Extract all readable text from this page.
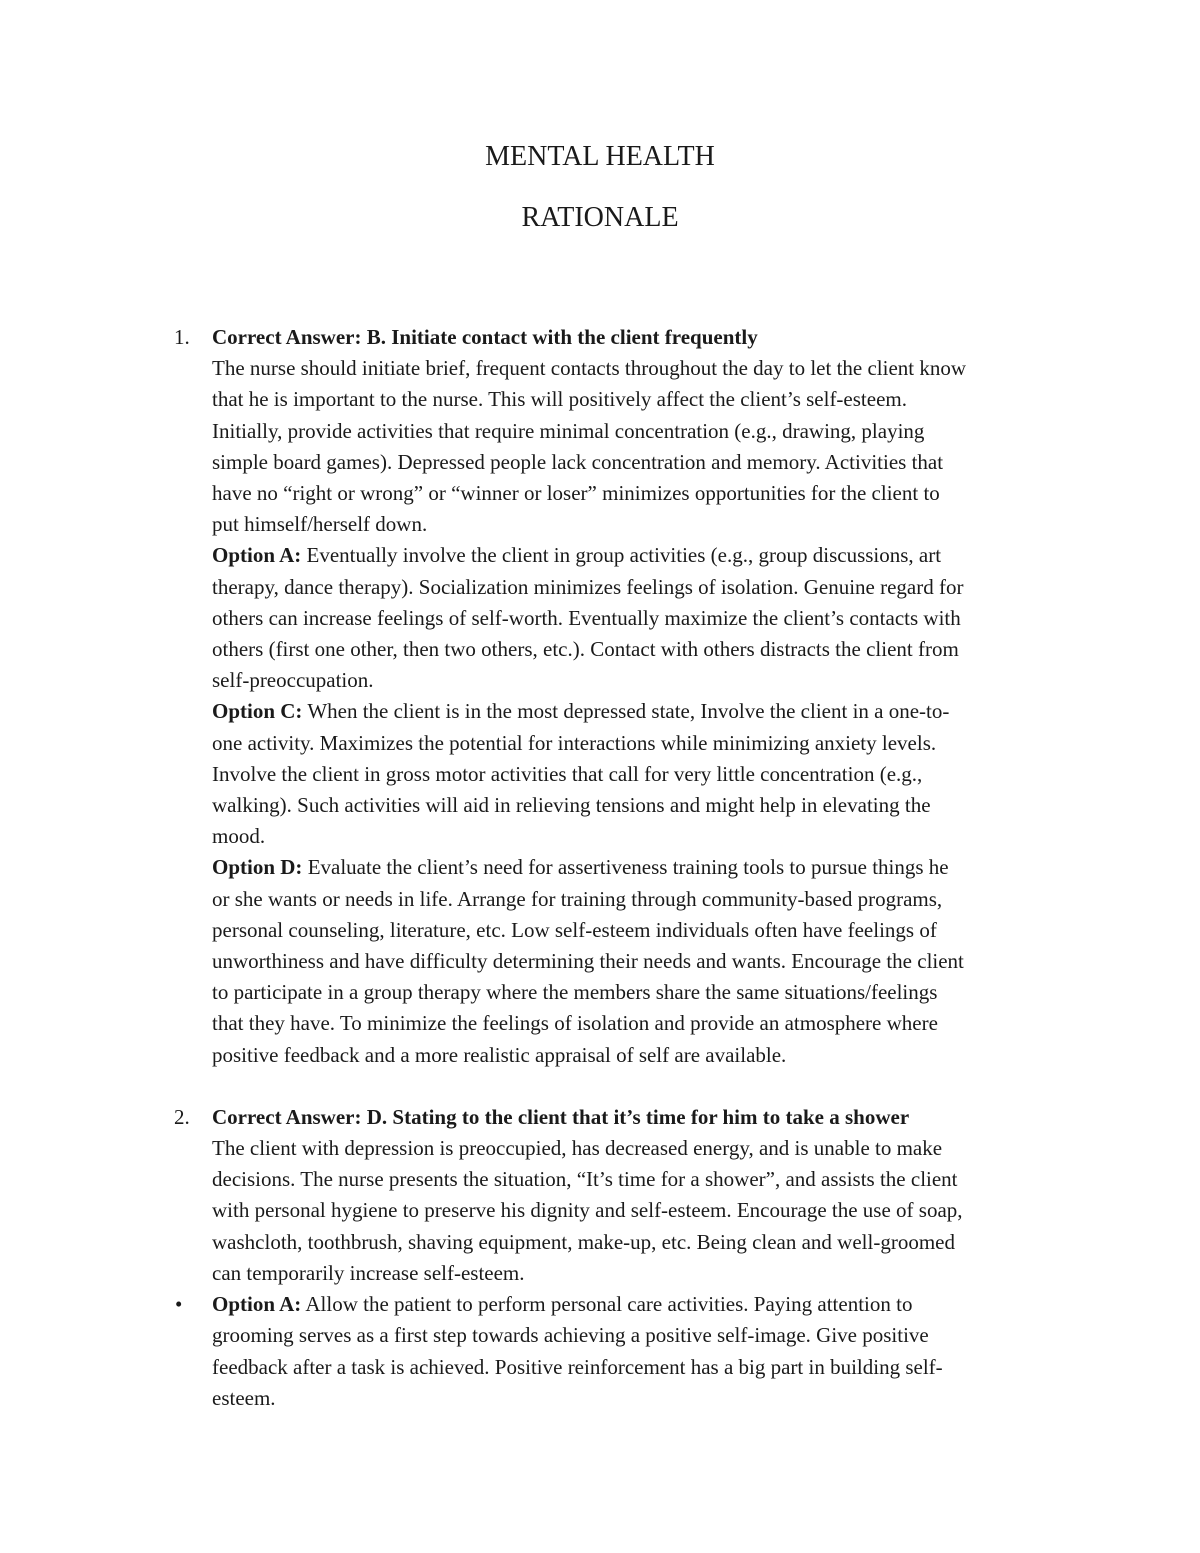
MENTAL HEALTH

RATIONALE

1.	Correct Answer: B. Initiate contact with the client frequently
The nurse should initiate brief, frequent contacts throughout the day to let the client know
that he is important to the nurse. This will positively affect the client’s self-esteem.
Initially, provide activities that require minimal concentration (e.g., drawing, playing
simple board games). Depressed people lack concentration and memory. Activities that
have no “right or wrong” or “winner or loser” minimizes opportunities for the client to
put himself/herself down.
Option A: Eventually involve the client in group activities (e.g., group discussions, art
therapy, dance therapy). Socialization minimizes feelings of isolation. Genuine regard for
others can increase feelings of self-worth. Eventually maximize the client’s contacts with
others (first one other, then two others, etc.). Contact with others distracts the client from
self-preoccupation.
Option C: When the client is in the most depressed state, Involve the client in a one-to-
one activity. Maximizes the potential for interactions while minimizing anxiety levels.
Involve the client in gross motor activities that call for very little concentration (e.g.,
walking). Such activities will aid in relieving tensions and might help in elevating the
mood.
Option D: Evaluate the client’s need for assertiveness training tools to pursue things he
or she wants or needs in life. Arrange for training through community-based programs,
personal counseling, literature, etc. Low self-esteem individuals often have feelings of
unworthiness and have difficulty determining their needs and wants. Encourage the client
to participate in a group therapy where the members share the same situations/feelings
that they have. To minimize the feelings of isolation and provide an atmosphere where
positive feedback and a more realistic appraisal of self are available.
2.	Correct Answer: D. Stating to the client that it’s time for him to take a shower
The client with depression is preoccupied, has decreased energy, and is unable to make
decisions. The nurse presents the situation, “It’s time for a shower”, and assists the client
with personal hygiene to preserve his dignity and self-esteem. Encourage the use of soap,
washcloth, toothbrush, shaving equipment, make-up, etc. Being clean and well-groomed
can temporarily increase self-esteem.
•	Option A: Allow the patient to perform personal care activities. Paying attention to
grooming serves as a first step towards achieving a positive self-image. Give positive
feedback after a task is achieved. Positive reinforcement has a big part in building self-
esteem.
